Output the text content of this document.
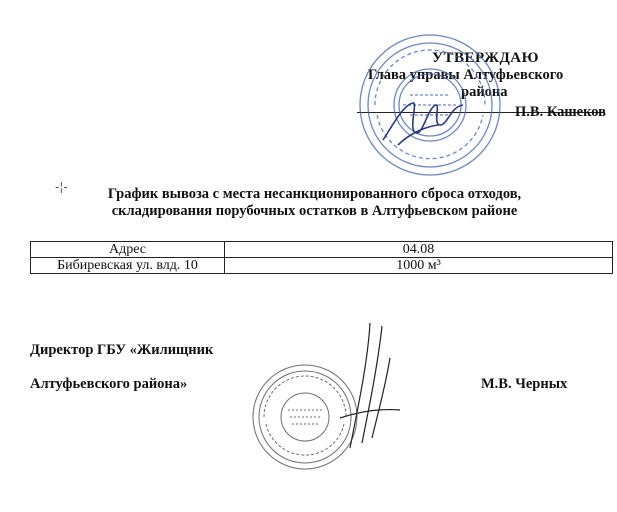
УТВЕРЖДАЮ
Глава управы Алтуфьевского
района
П.В. Кашеков
-¦-	График вывоза с места несанкционированного сброса отходов,
складирования порубочных остатков в Алтуфьевском районе
Адрес	04.08
Бибиревская ул. влд. 10	1000 м³
Директор ГБУ «Жилищник
Алтуфьевского района»	М.В. Черных
